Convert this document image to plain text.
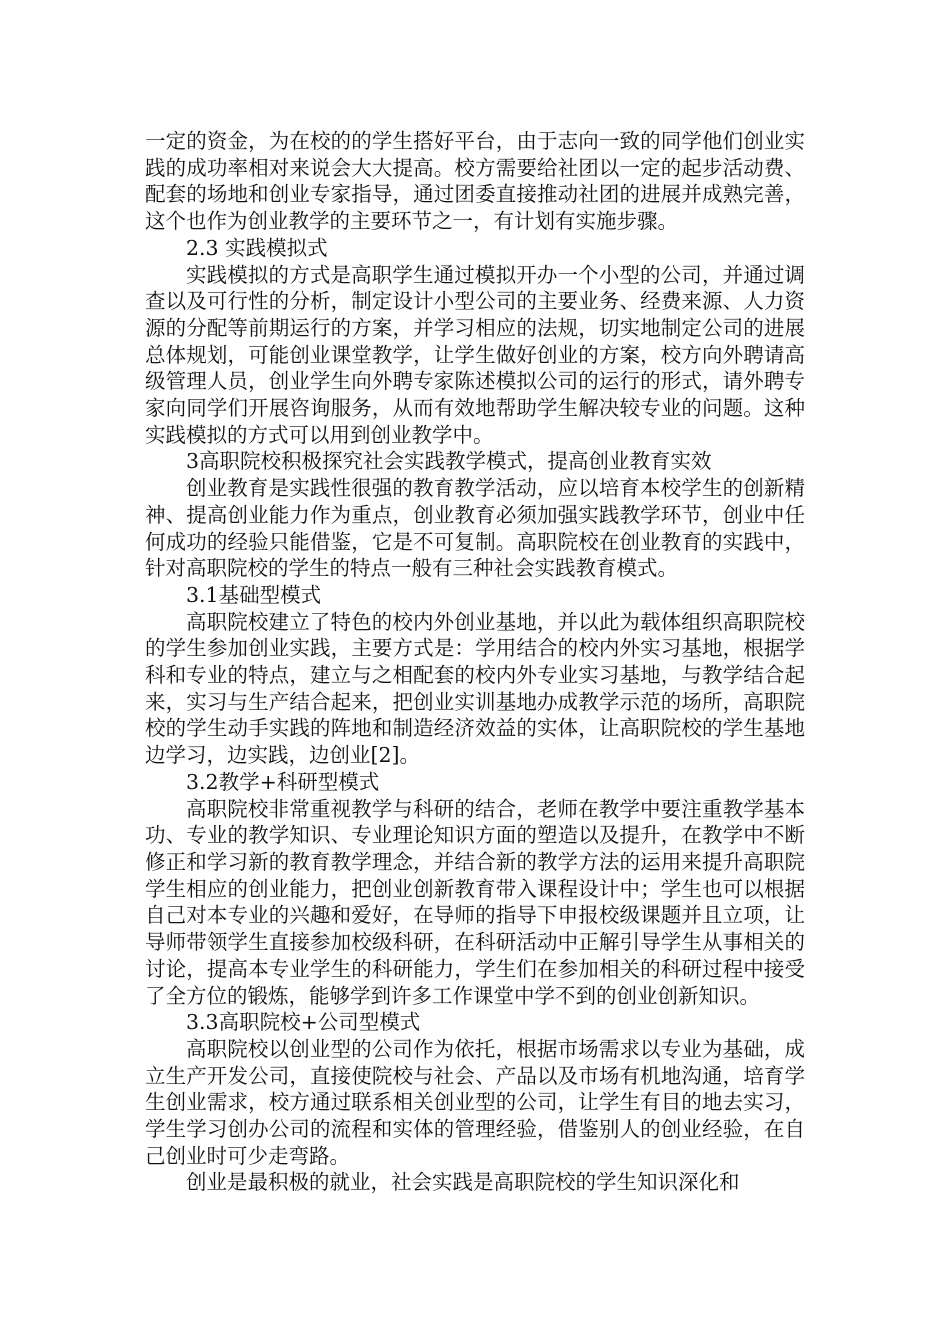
一定的资金，为在校的的学生搭好平台，由于志向一致的同学他们创业实践的成功率相对来说会大大提高。校方需要给社团以一定的起步活动费、配套的场地和创业专家指导，通过团委直接推动社团的进展并成熟完善，这个也作为创业教学的主要环节之一，有计划有实施步骤。

2.3 实践模拟式

实践模拟的方式是高职学生通过模拟开办一个小型的公司，并通过调查以及可行性的分析，制定设计小型公司的主要业务、经费来源、人力资源的分配等前期运行的方案，并学习相应的法规，切实地制定公司的进展总体规划，可能创业课堂教学，让学生做好创业的方案，校方向外聘请高级管理人员，创业学生向外聘专家陈述模拟公司的运行的形式，请外聘专家向同学们开展咨询服务，从而有效地帮助学生解决较专业的问题。这种实践模拟的方式可以用到创业教学中。

3高职院校积极探究社会实践教学模式，提高创业教育实效

创业教育是实践性很强的教育教学活动，应以培育本校学生的创新精神、提高创业能力作为重点，创业教育必须加强实践教学环节，创业中任何成功的经验只能借鉴，它是不可复制。高职院校在创业教育的实践中，针对高职院校的学生的特点一般有三种社会实践教育模式。

3.1基础型模式

高职院校建立了特色的校内外创业基地，并以此为载体组织高职院校的学生参加创业实践，主要方式是：学用结合的校内外实习基地，根据学科和专业的特点，建立与之相配套的校内外专业实习基地，与教学结合起来，实习与生产结合起来，把创业实训基地办成教学示范的场所，高职院校的学生动手实践的阵地和制造经济效益的实体，让高职院校的学生基地边学习，边实践，边创业[2]。

3.2教学+科研型模式

高职院校非常重视教学与科研的结合，老师在教学中要注重教学基本功、专业的教学知识、专业理论知识方面的塑造以及提升，在教学中不断修正和学习新的教育教学理念，并结合新的教学方法的运用来提升高职院学生相应的创业能力，把创业创新教育带入课程设计中；学生也可以根据自己对本专业的兴趣和爱好，在导师的指导下申报校级课题并且立项，让导师带领学生直接参加校级科研，在科研活动中正解引导学生从事相关的讨论，提高本专业学生的科研能力，学生们在参加相关的科研过程中接受了全方位的锻炼，能够学到许多工作课堂中学不到的创业创新知识。

3.3高职院校+公司型模式

高职院校以创业型的公司作为依托，根据市场需求以专业为基础，成立生产开发公司，直接使院校与社会、产品以及市场有机地沟通，培育学生创业需求，校方通过联系相关创业型的公司，让学生有目的地去实习，学生学习创办公司的流程和实体的管理经验，借鉴别人的创业经验，在自己创业时可少走弯路。

创业是最积极的就业，社会实践是高职院校的学生知识深化和
